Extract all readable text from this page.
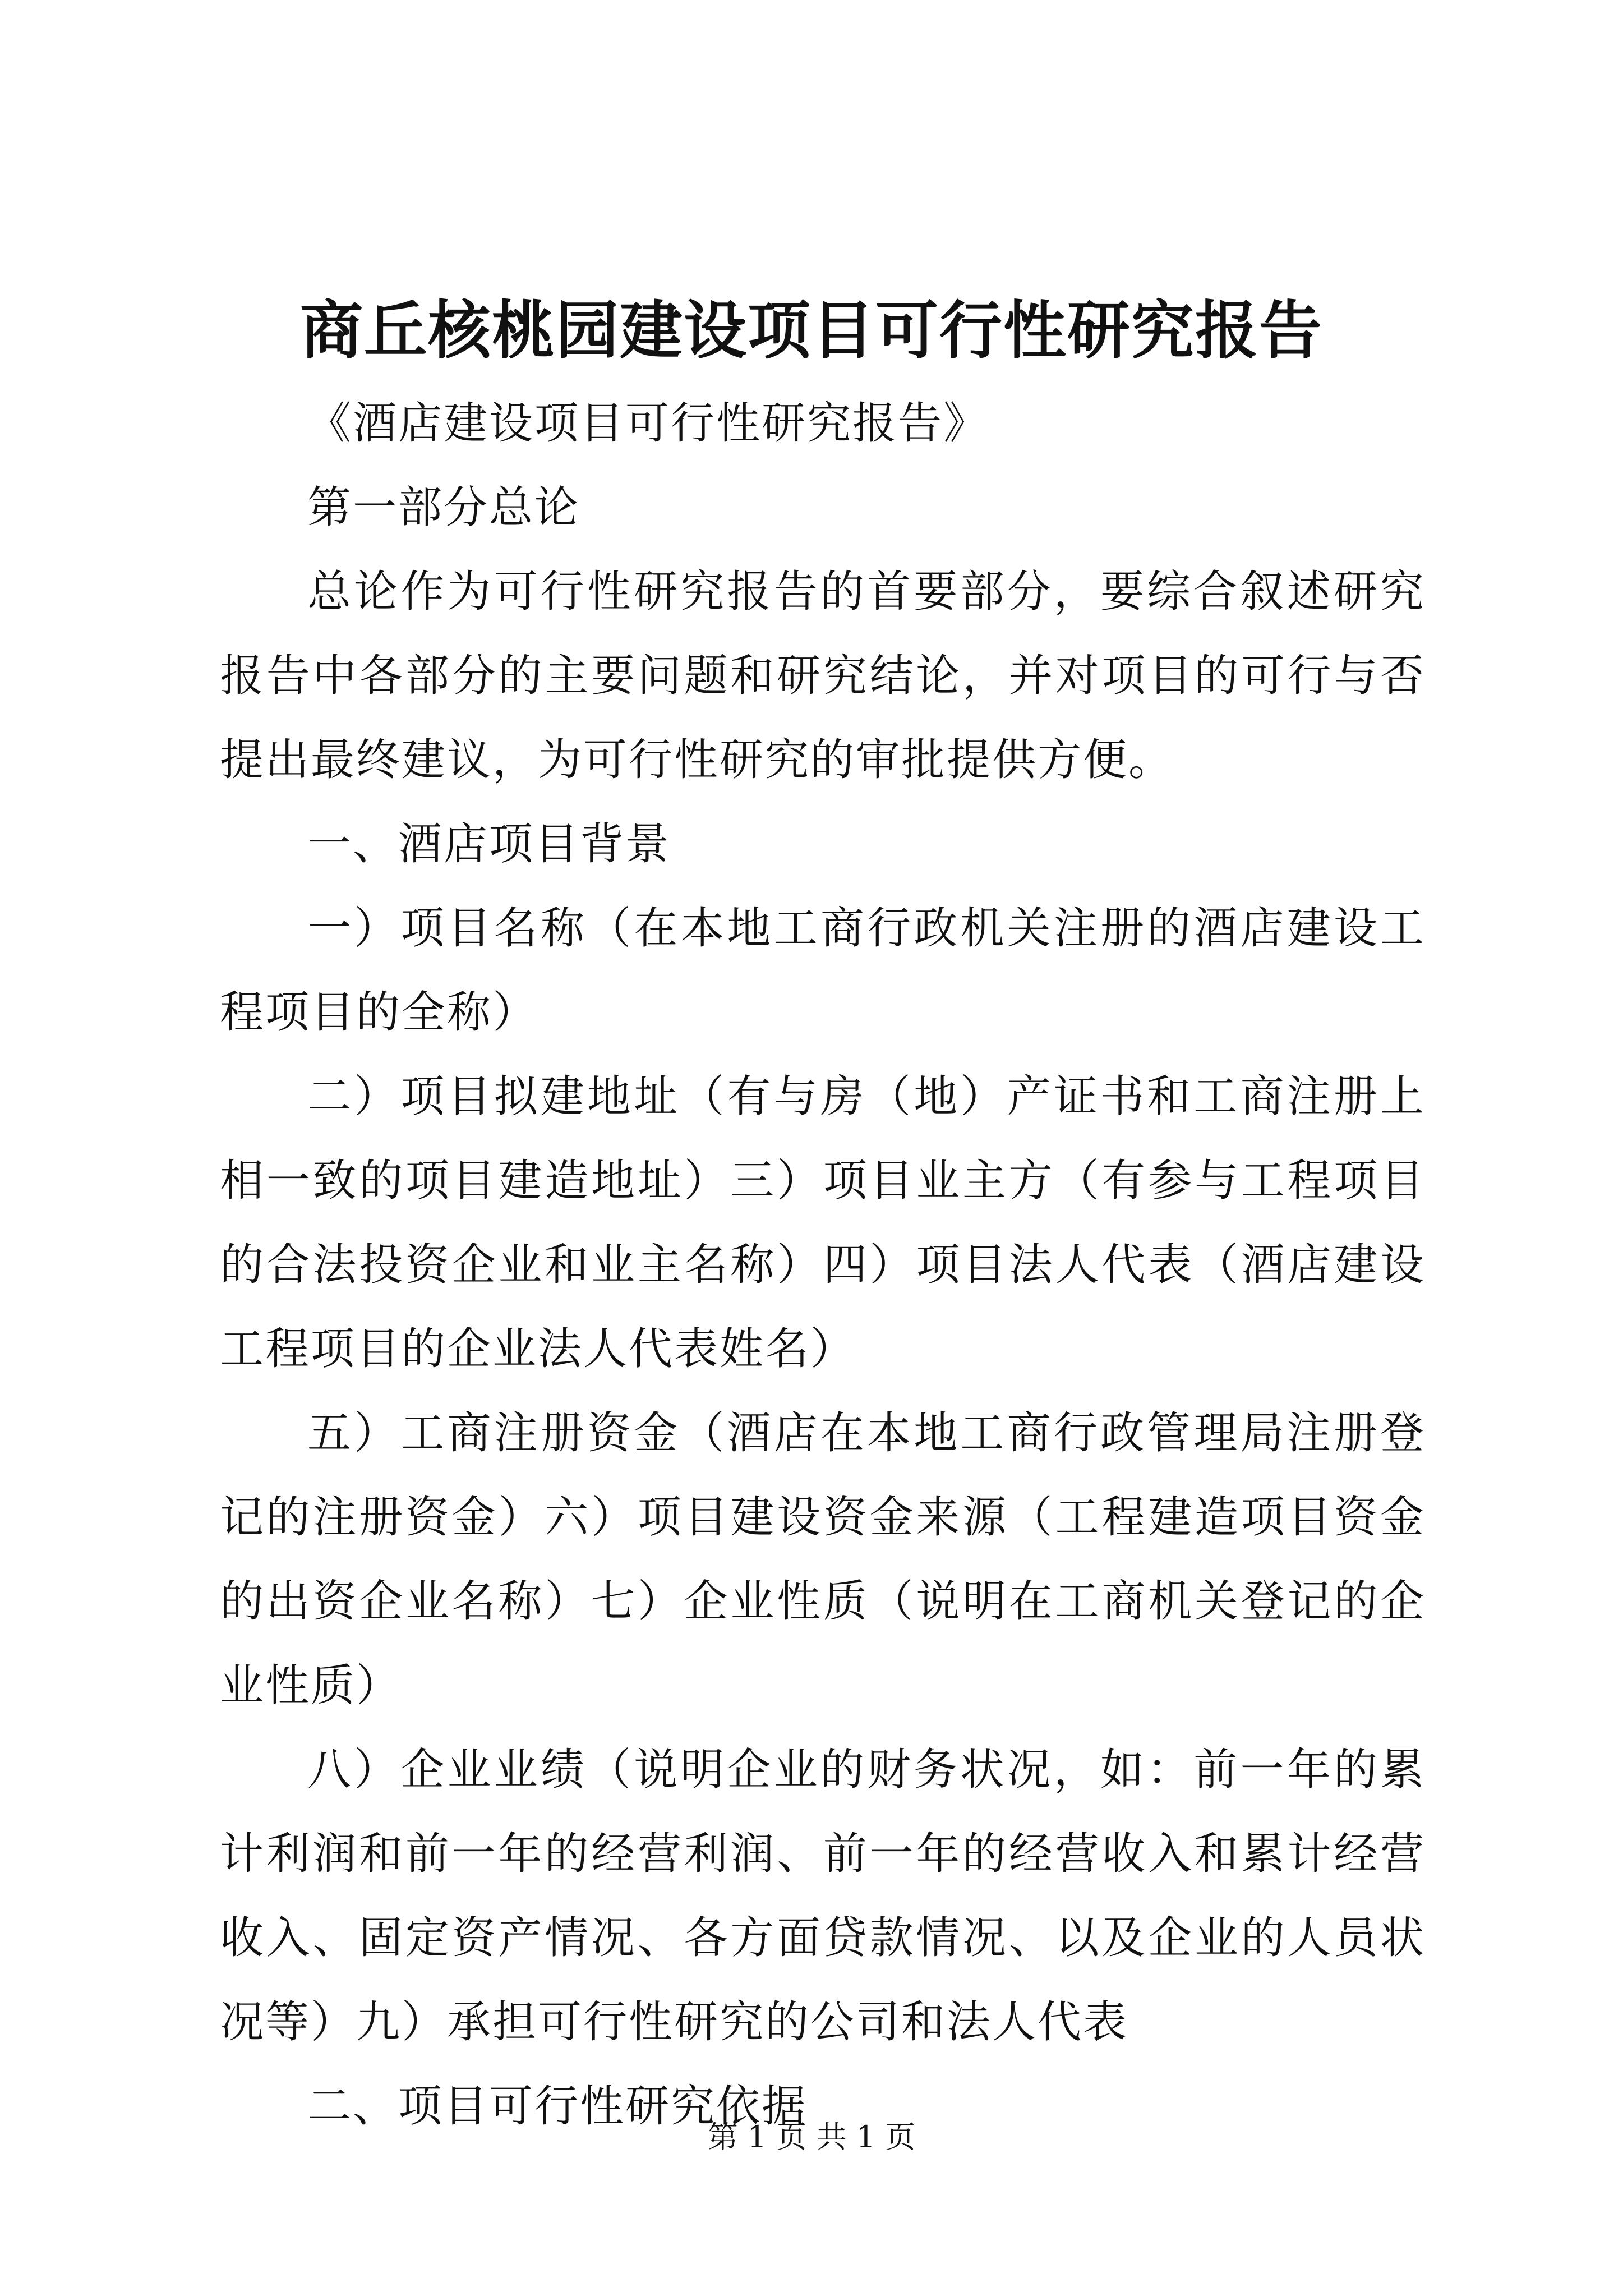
商丘核桃园建设项目可行性研究报告

《酒店建设项目可行性研究报告》

第一部分总论

总论作为可行性研究报告的首要部分，要综合叙述研究报告中各部分的主要问题和研究结论，并对项目的可行与否提出最终建议，为可行性研究的审批提供方便。

一、酒店项目背景

一）项目名称（在本地工商行政机关注册的酒店建设工程项目的全称）

二）项目拟建地址（有与房（地）产证书和工商注册上相一致的项目建造地址）三）项目业主方（有参与工程项目的合法投资企业和业主名称）四）项目法人代表（酒店建设工程项目的企业法人代表姓名）

五）工商注册资金（酒店在本地工商行政管理局注册登记的注册资金）六）项目建设资金来源（工程建造项目资金的出资企业名称）七）企业性质（说明在工商机关登记的企业性质）

八）企业业绩（说明企业的财务状况，如：前一年的累计利润和前一年的经营利润、前一年的经营收入和累计经营收入、固定资产情况、各方面贷款情况、以及企业的人员状况等）九）承担可行性研究的公司和法人代表

二、项目可行性研究依据

第 1 页 共 1 页
